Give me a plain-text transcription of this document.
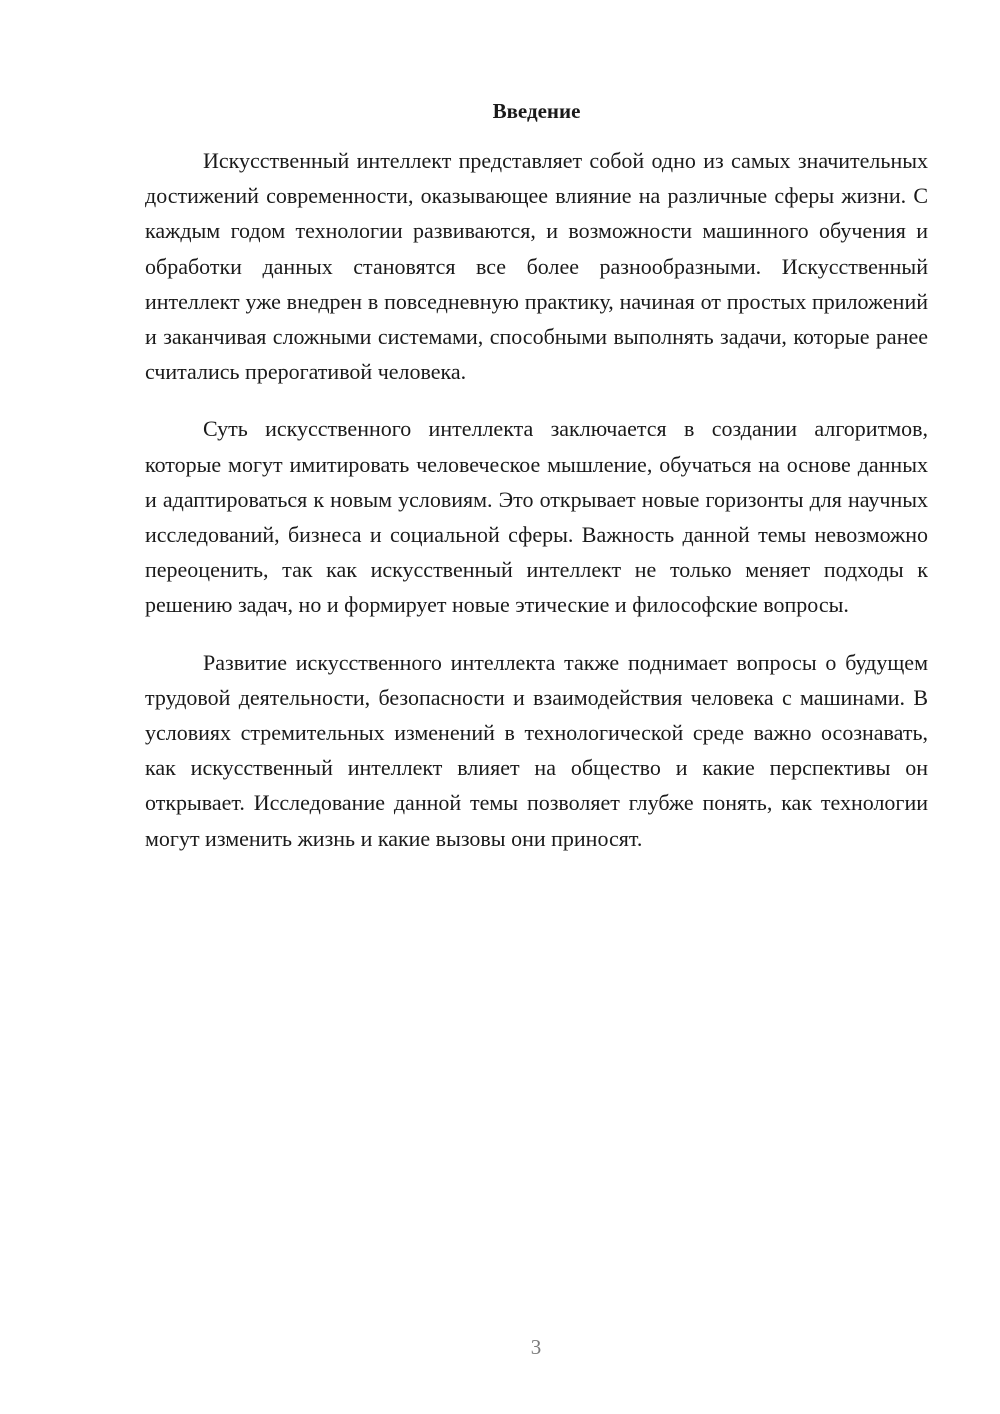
Введение

Искусственный интеллект представляет собой одно из самых значительных достижений современности, оказывающее влияние на различные сферы жизни. С каждым годом технологии развиваются, и возможности машинного обучения и обработки данных становятся все более разнообразными. Искусственный интеллект уже внедрен в повседневную практику, начиная от простых приложений и заканчивая сложными системами, способными выполнять задачи, которые ранее считались прерогативой человека.

Суть искусственного интеллекта заключается в создании алгоритмов, которые могут имитировать человеческое мышление, обучаться на основе данных и адаптироваться к новым условиям. Это открывает новые горизонты для научных исследований, бизнеса и социальной сферы. Важность данной темы невозможно переоценить, так как искусственный интеллект не только меняет подходы к решению задач, но и формирует новые этические и философские вопросы.

Развитие искусственного интеллекта также поднимает вопросы о будущем трудовой деятельности, безопасности и взаимодействия человека с машинами. В условиях стремительных изменений в технологической среде важно осознавать, как искусственный интеллект влияет на общество и какие перспективы он открывает. Исследование данной темы позволяет глубже понять, как технологии могут изменить жизнь и какие вызовы они приносят.

3
